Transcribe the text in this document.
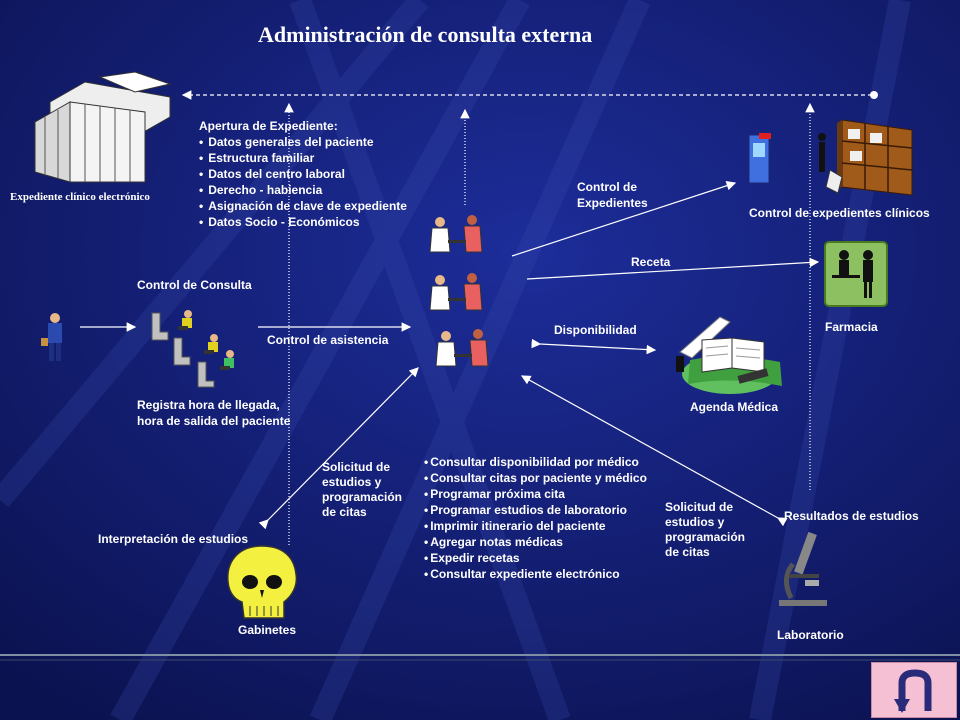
Administración de consulta externa
Expediente clínico electrónico
Apertura de Expediente:
• Datos generales del paciente
• Estructura familiar
• Datos del centro laboral
• Derecho - habiencia
• Asignación de clave de expediente
• Datos Socio - Económicos
Control de Consulta
Control de asistencia
Registra hora de llegada,
hora de salida del paciente
Control de
Expedientes
Control de expedientes clínicos
Receta
Farmacia
Disponibilidad
Agenda Médica
Solicitud de
estudios y
programación
de citas
• Consultar disponibilidad por médico
• Consultar citas por paciente y médico
• Programar próxima cita
• Programar estudios de laboratorio
• Imprimir itinerario del paciente
• Agregar notas médicas
• Expedir recetas
• Consultar expediente electrónico
Solicitud de
estudios y
programación
de citas
Interpretación de estudios
Gabinetes
Resultados de estudios
Laboratorio
